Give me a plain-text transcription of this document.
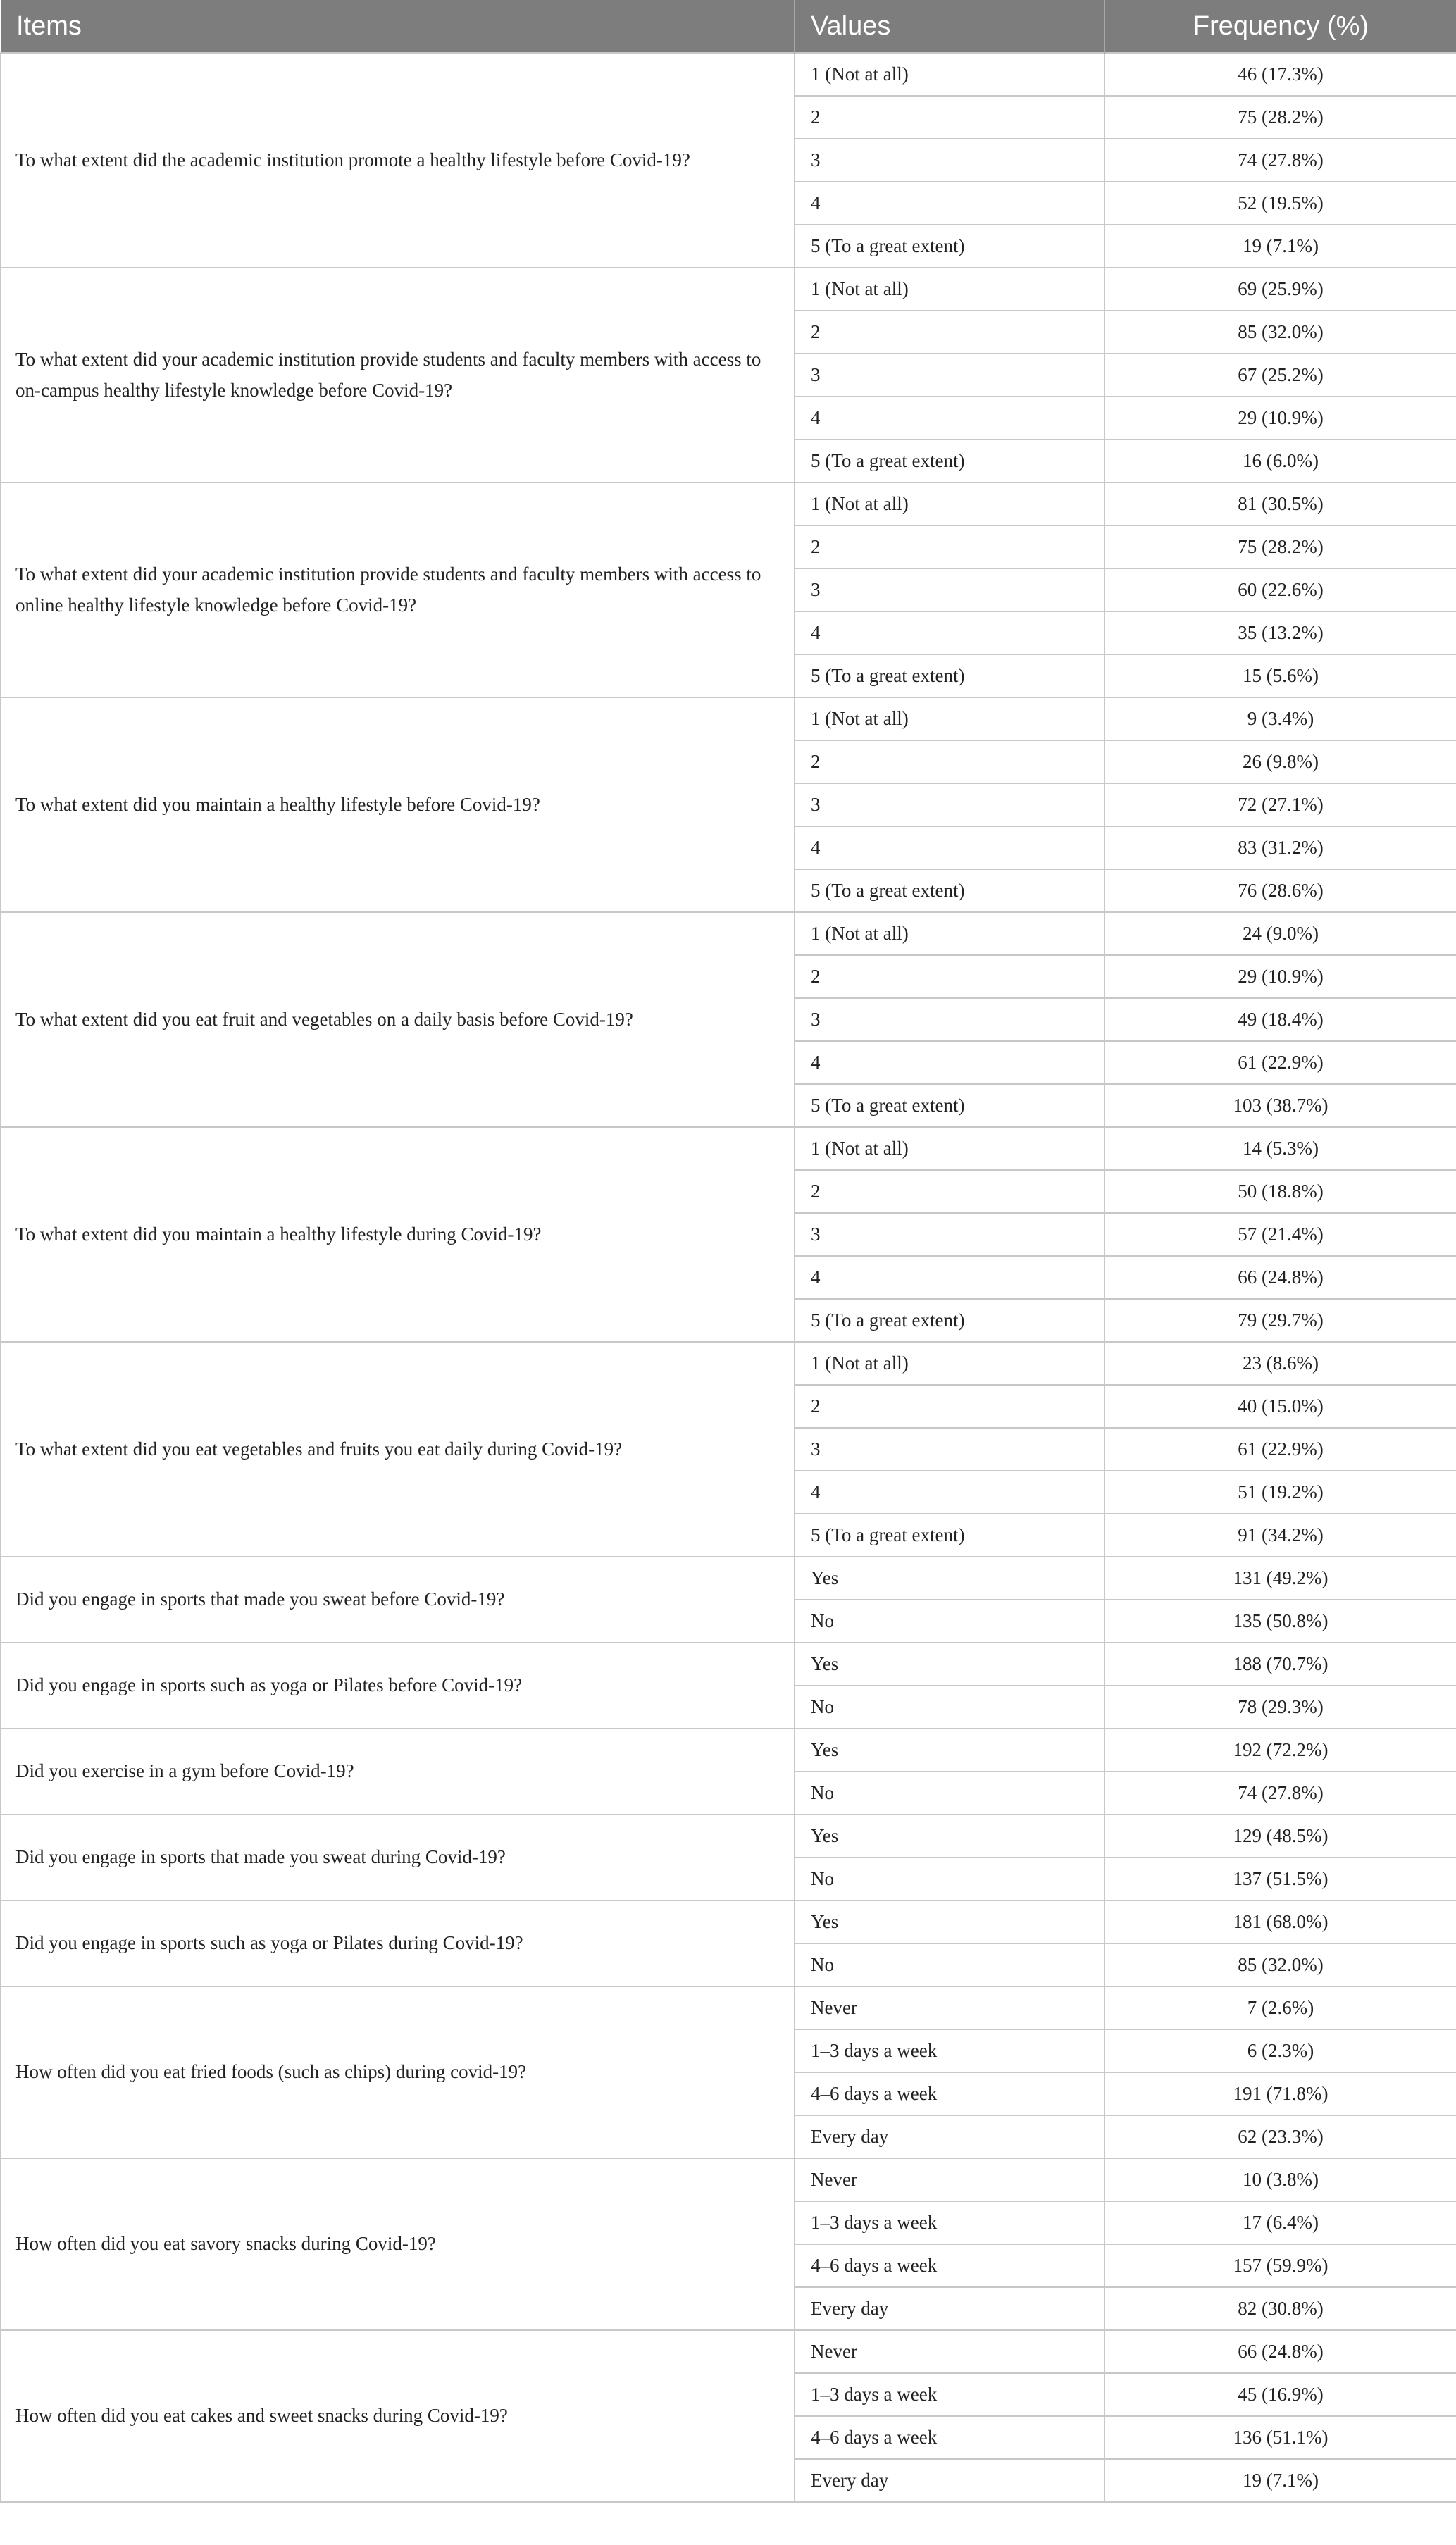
Items	Values	Frequency (%)
To what extent did the academic institution promote a healthy lifestyle before Covid-19?	1 (Not at all)	46 (17.3%)
	2	75 (28.2%)
	3	74 (27.8%)
	4	52 (19.5%)
	5 (To a great extent)	19 (7.1%)
To what extent did your academic institution provide students and faculty members with access to on-campus healthy lifestyle knowledge before Covid-19?	1 (Not at all)	69 (25.9%)
	2	85 (32.0%)
	3	67 (25.2%)
	4	29 (10.9%)
	5 (To a great extent)	16 (6.0%)
To what extent did your academic institution provide students and faculty members with access to online healthy lifestyle knowledge before Covid-19?	1 (Not at all)	81 (30.5%)
	2	75 (28.2%)
	3	60 (22.6%)
	4	35 (13.2%)
	5 (To a great extent)	15 (5.6%)
To what extent did you maintain a healthy lifestyle before Covid-19?	1 (Not at all)	9 (3.4%)
	2	26 (9.8%)
	3	72 (27.1%)
	4	83 (31.2%)
	5 (To a great extent)	76 (28.6%)
To what extent did you eat fruit and vegetables on a daily basis before Covid-19?	1 (Not at all)	24 (9.0%)
	2	29 (10.9%)
	3	49 (18.4%)
	4	61 (22.9%)
	5 (To a great extent)	103 (38.7%)
To what extent did you maintain a healthy lifestyle during Covid-19?	1 (Not at all)	14 (5.3%)
	2	50 (18.8%)
	3	57 (21.4%)
	4	66 (24.8%)
	5 (To a great extent)	79 (29.7%)
To what extent did you eat vegetables and fruits you eat daily during Covid-19?	1 (Not at all)	23 (8.6%)
	2	40 (15.0%)
	3	61 (22.9%)
	4	51 (19.2%)
	5 (To a great extent)	91 (34.2%)
Did you engage in sports that made you sweat before Covid-19?	Yes	131 (49.2%)
	No	135 (50.8%)
Did you engage in sports such as yoga or Pilates before Covid-19?	Yes	188 (70.7%)
	No	78 (29.3%)
Did you exercise in a gym before Covid-19?	Yes	192 (72.2%)
	No	74 (27.8%)
Did you engage in sports that made you sweat during Covid-19?	Yes	129 (48.5%)
	No	137 (51.5%)
Did you engage in sports such as yoga or Pilates during Covid-19?	Yes	181 (68.0%)
	No	85 (32.0%)
How often did you eat fried foods (such as chips) during covid-19?	Never	7 (2.6%)
	1–3 days a week	6 (2.3%)
	4–6 days a week	191 (71.8%)
	Every day	62 (23.3%)
How often did you eat savory snacks during Covid-19?	Never	10 (3.8%)
	1–3 days a week	17 (6.4%)
	4–6 days a week	157 (59.9%)
	Every day	82 (30.8%)
How often did you eat cakes and sweet snacks during Covid-19?	Never	66 (24.8%)
	1–3 days a week	45 (16.9%)
	4–6 days a week	136 (51.1%)
	Every day	19 (7.1%)
